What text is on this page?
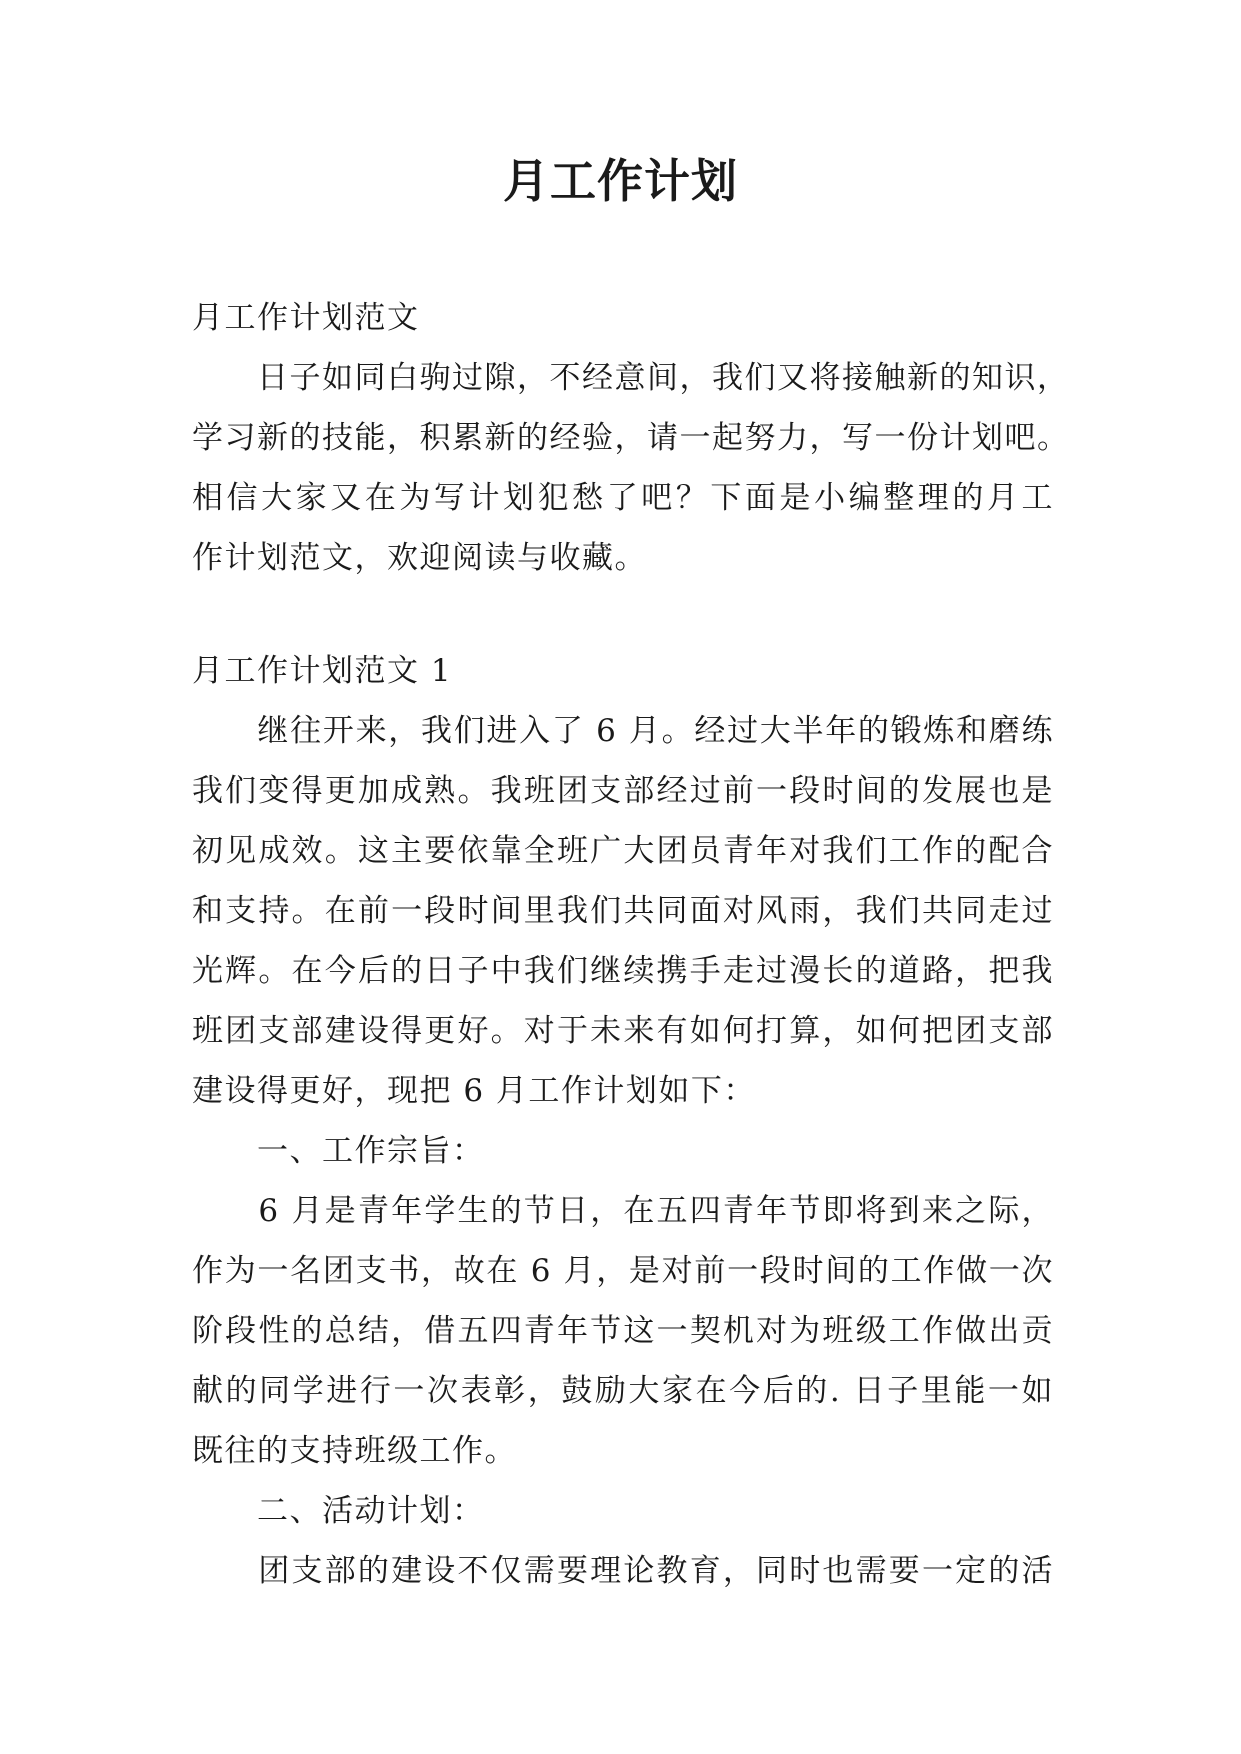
月工作计划

月工作计划范文

　　日子如同白驹过隙，不经意间，我们又将接触新的知识，

学习新的技能，积累新的经验，请一起努力，写一份计划吧。

相信大家又在为写计划犯愁了吧？下面是小编整理的月工

作计划范文，欢迎阅读与收藏。

月工作计划范文 1

　　继往开来，我们进入了 6 月。经过大半年的锻炼和磨练

我们变得更加成熟。我班团支部经过前一段时间的发展也是

初见成效。这主要依靠全班广大团员青年对我们工作的配合

和支持。在前一段时间里我们共同面对风雨，我们共同走过

光辉。在今后的日子中我们继续携手走过漫长的道路，把我

班团支部建设得更好。对于未来有如何打算，如何把团支部

建设得更好，现把 6 月工作计划如下：

　　一、工作宗旨：

　　6 月是青年学生的节日，在五四青年节即将到来之际，

作为一名团支书，故在 6 月，是对前一段时间的工作做一次

阶段性的总结，借五四青年节这一契机对为班级工作做出贡

献的同学进行一次表彰，鼓励大家在今后的. 日子里能一如

既往的支持班级工作。

　　二、活动计划：

　　团支部的建设不仅需要理论教育，同时也需要一定的活
